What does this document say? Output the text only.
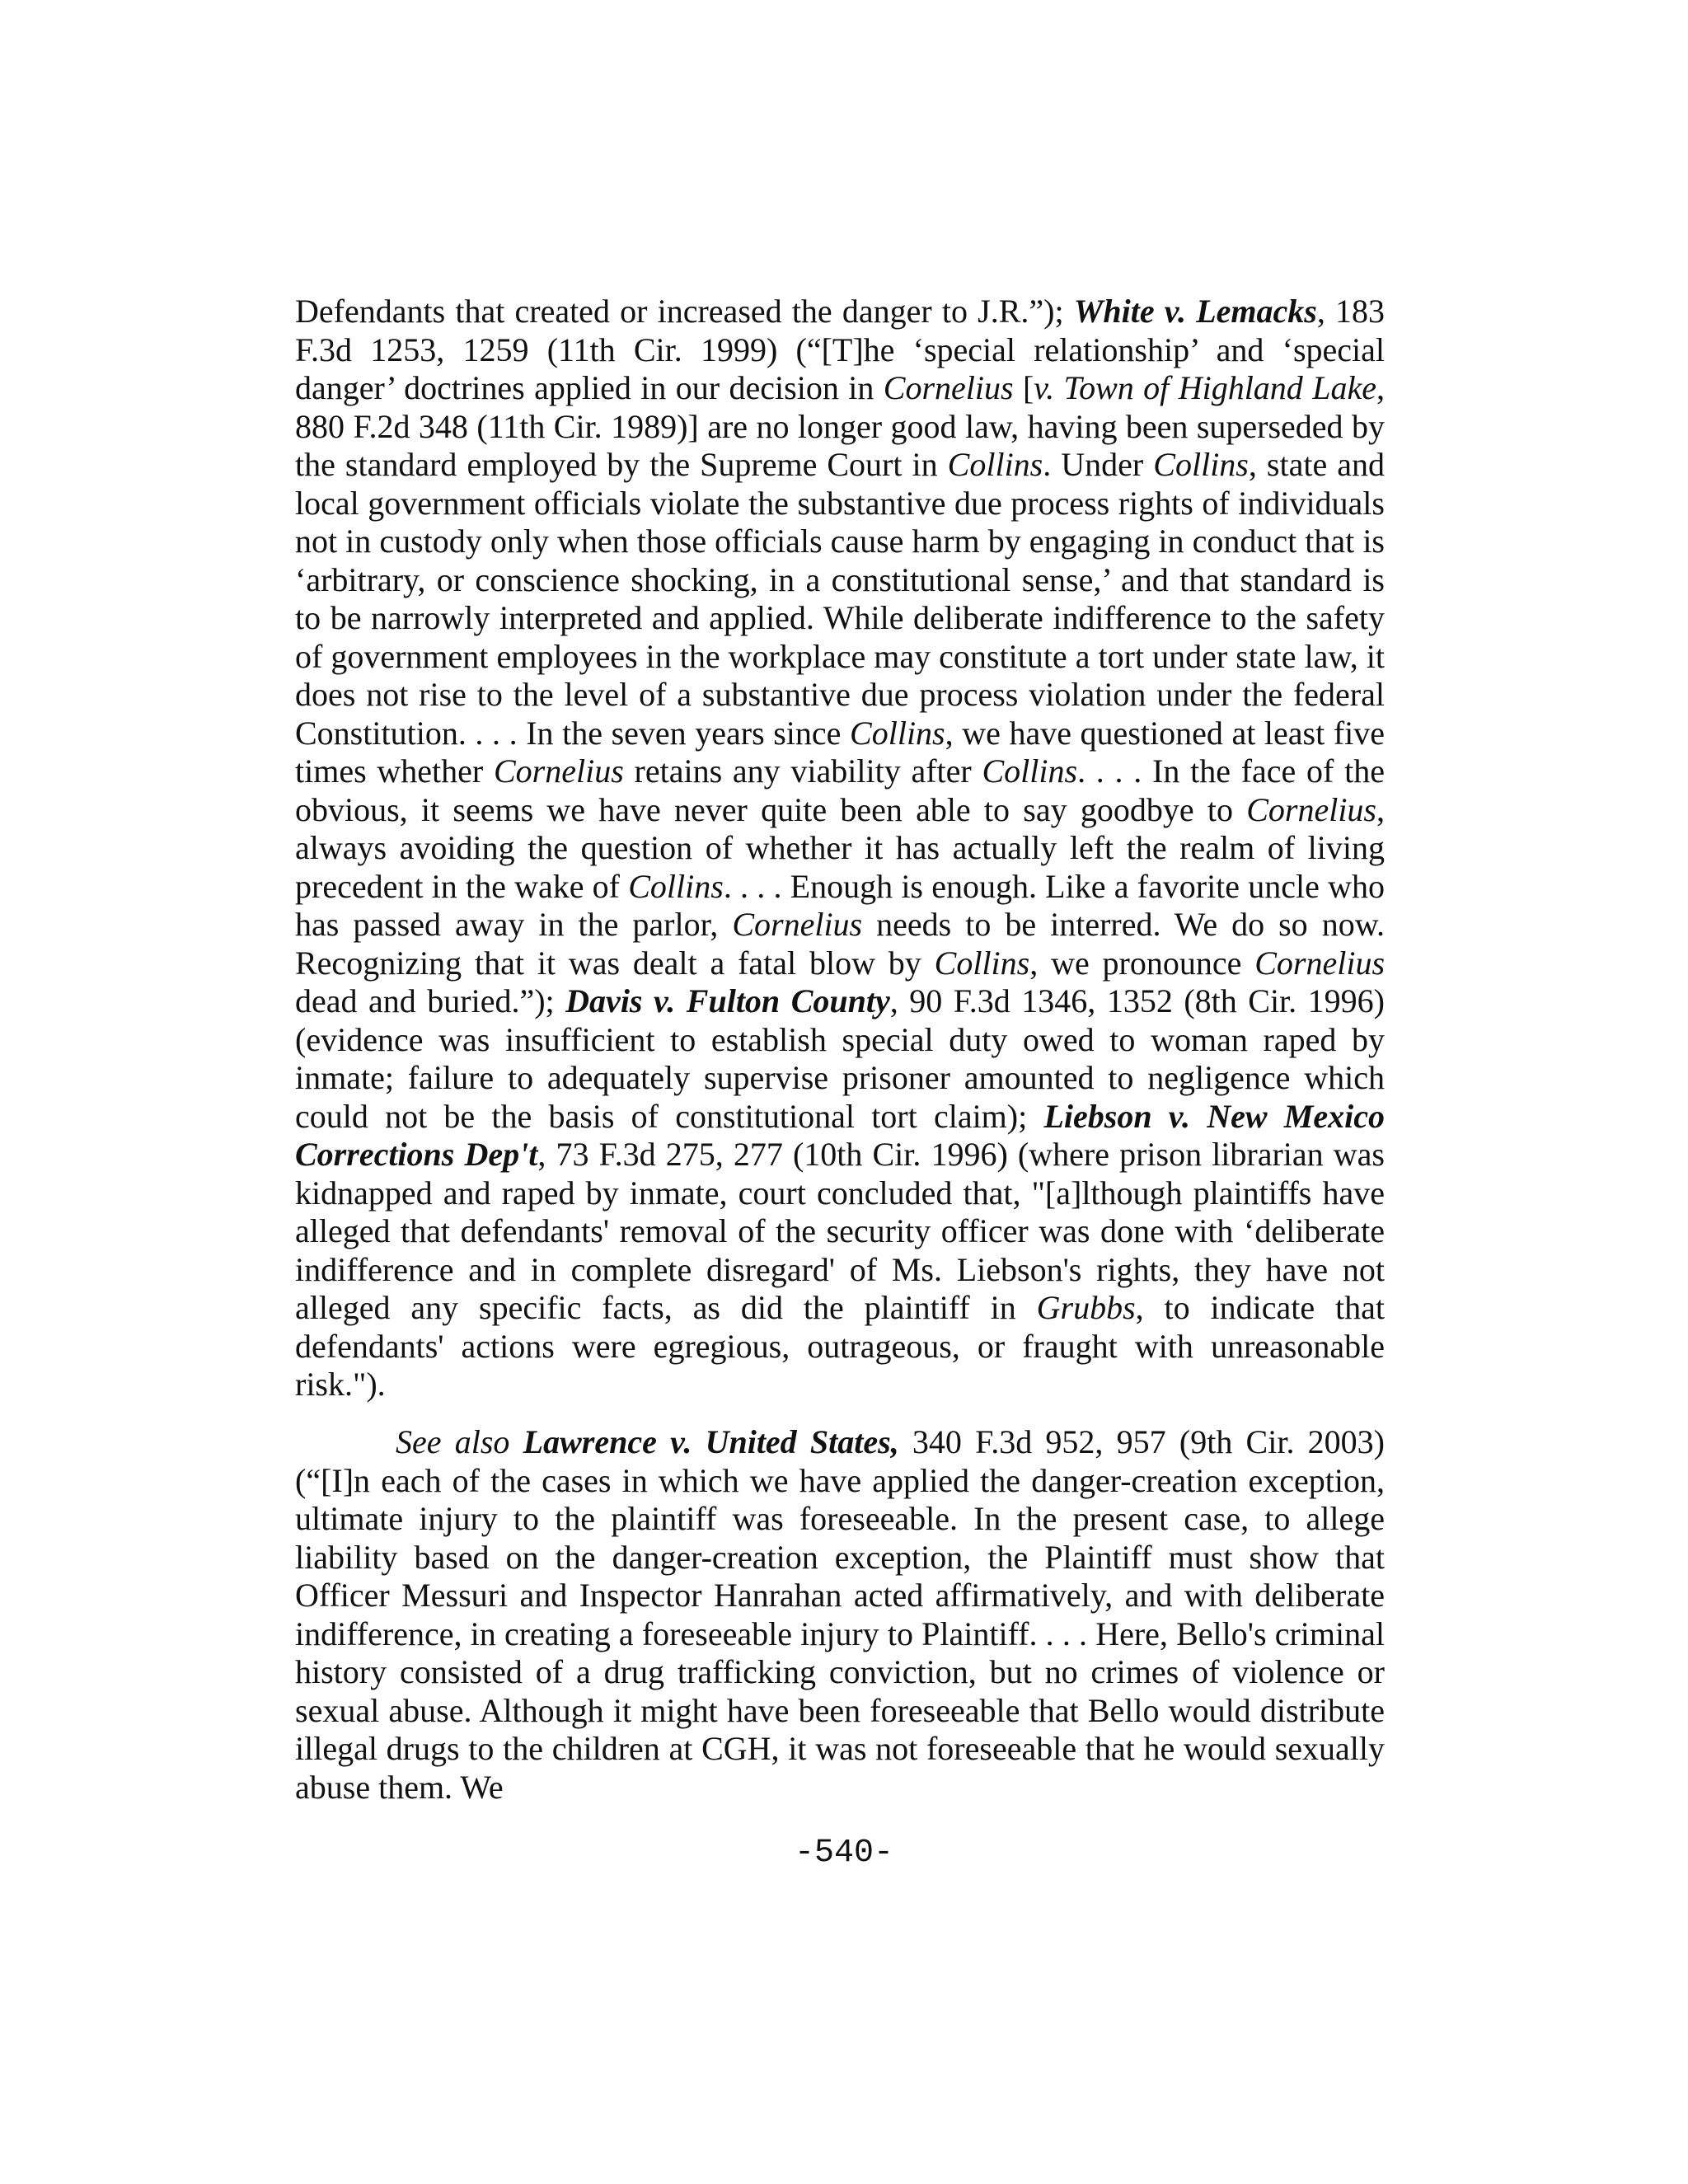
Defendants that created or increased the danger to J.R.”); White v. Lemacks, 183 F.3d 1253, 1259 (11th Cir. 1999) (“[T]he ‘special relationship’ and ‘special danger’ doctrines applied in our decision in Cornelius [v. Town of Highland Lake, 880 F.2d 348 (11th Cir. 1989)] are no longer good law, having been superseded by the standard employed by the Supreme Court in Collins. Under Collins, state and local government officials violate the substantive due process rights of individuals not in custody only when those officials cause harm by engaging in conduct that is ‘arbitrary, or conscience shocking, in a constitutional sense,’ and that standard is to be narrowly interpreted and applied. While deliberate indifference to the safety of government employees in the workplace may constitute a tort under state law, it does not rise to the level of a substantive due process violation under the federal Constitution. . . . In the seven years since Collins, we have questioned at least five times whether Cornelius retains any viability after Collins. . . . In the face of the obvious, it seems we have never quite been able to say goodbye to Cornelius, always avoiding the question of whether it has actually left the realm of living precedent in the wake of Collins. . . . Enough is enough. Like a favorite uncle who has passed away in the parlor, Cornelius needs to be interred. We do so now. Recognizing that it was dealt a fatal blow by Collins, we pronounce Cornelius dead and buried.”); Davis v. Fulton County, 90 F.3d 1346, 1352 (8th Cir. 1996) (evidence was insufficient to establish special duty owed to woman raped by inmate; failure to adequately supervise prisoner amounted to negligence which could not be the basis of constitutional tort claim); Liebson v. New Mexico Corrections Dep't, 73 F.3d 275, 277 (10th Cir. 1996) (where prison librarian was kidnapped and raped by inmate, court concluded that, "[a]lthough plaintiffs have alleged that defendants' removal of the security officer was done with ‘deliberate indifference and in complete disregard' of Ms. Liebson's rights, they have not alleged any specific facts, as did the plaintiff in Grubbs, to indicate that defendants' actions were egregious, outrageous, or fraught with unreasonable risk.").

See also Lawrence v. United States, 340 F.3d 952, 957 (9th Cir. 2003) (“[I]n each of the cases in which we have applied the danger-creation exception, ultimate injury to the plaintiff was foreseeable. In the present case, to allege liability based on the danger-creation exception, the Plaintiff must show that Officer Messuri and Inspector Hanrahan acted affirmatively, and with deliberate indifference, in creating a foreseeable injury to Plaintiff. . . . Here, Bello's criminal history consisted of a drug trafficking conviction, but no crimes of violence or sexual abuse. Although it might have been foreseeable that Bello would distribute illegal drugs to the children at CGH, it was not foreseeable that he would sexually abuse them. We

-540-
